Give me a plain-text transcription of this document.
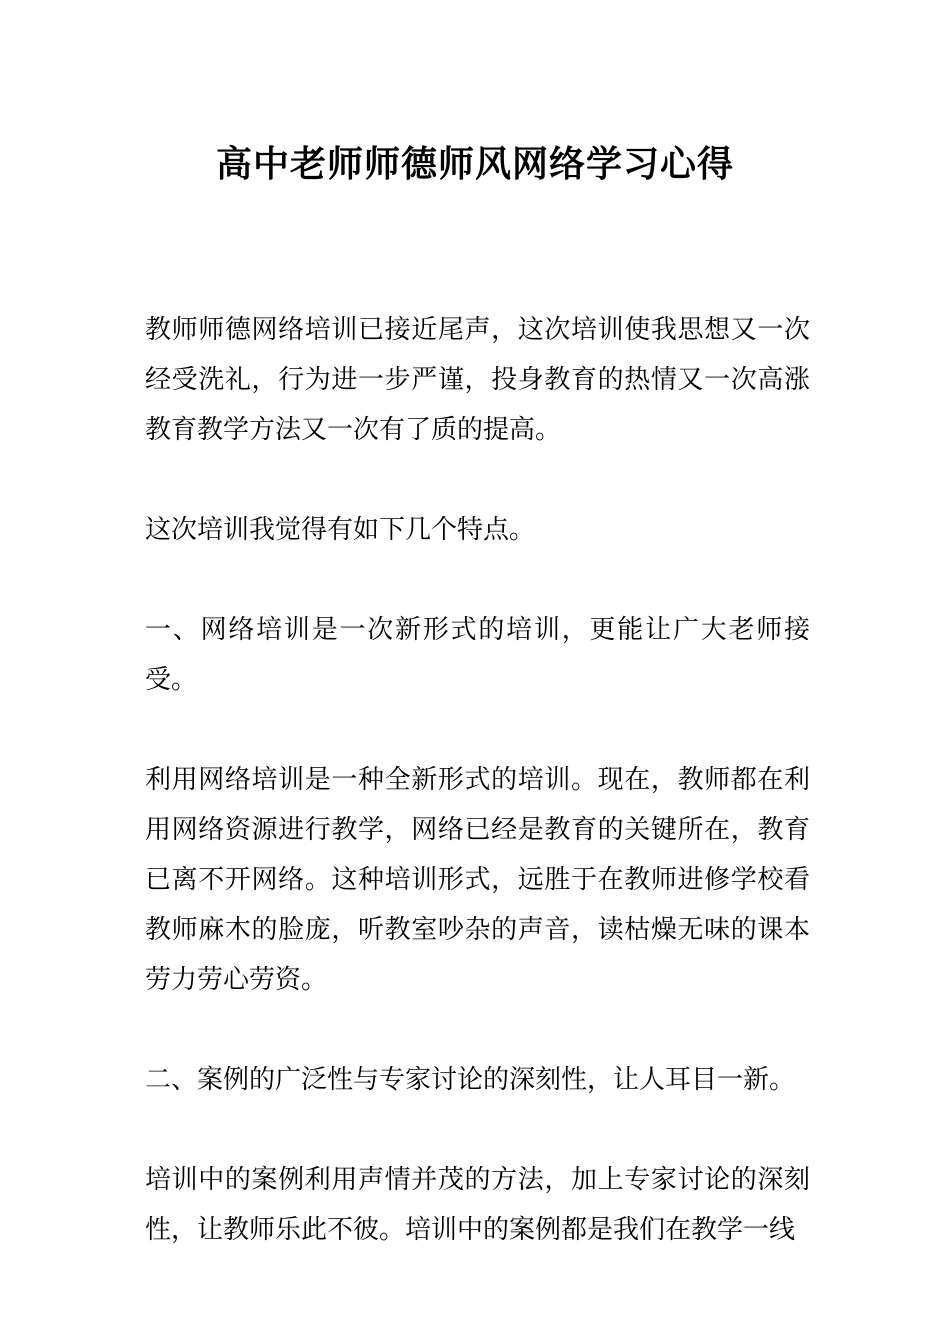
高中老师师德师风网络学习心得

教师师德网络培训已接近尾声，这次培训使我思想又一次经受洗礼，行为进一步严谨，投身教育的热情又一次高涨教育教学方法又一次有了质的提高。

这次培训我觉得有如下几个特点。

一、网络培训是一次新形式的培训，更能让广大老师接受。

利用网络培训是一种全新形式的培训。现在，教师都在利用网络资源进行教学，网络已经是教育的关键所在，教育已离不开网络。这种培训形式，远胜于在教师进修学校看教师麻木的脸庞，听教室吵杂的声音，读枯燥无味的课本劳力劳心劳资。

二、案例的广泛性与专家讨论的深刻性，让人耳目一新。

培训中的案例利用声情并茂的方法，加上专家讨论的深刻性，让教师乐此不彼。培训中的案例都是我们在教学一线
